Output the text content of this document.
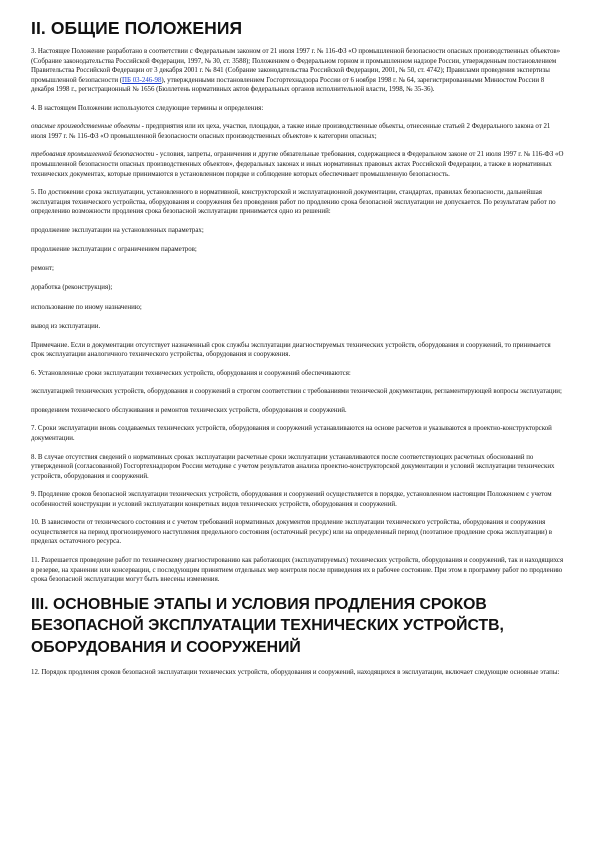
II. ОБЩИЕ ПОЛОЖЕНИЯ

3. Настоящее Положение разработано в соответствии с Федеральным законом от 21 июля 1997 г. № 116-ФЗ «О промышленной безопасности опасных производственных объектов» (Собрание законодательства Российской Федерации, 1997, № 30, ст. 3588); Положением о Федеральном горном и промышленном надзоре России, утвержденным постановлением Правительства Российской Федерации от 3 декабря 2001 г. № 841 (Собрание законодательства Российской Федерации, 2001, № 50, ст. 4742); Правилами проведения экспертизы промышленной безопасности (ПБ 03-246-98), утвержденными постановлением Госгортехнадзора России от 6 ноября 1998 г. № 64, зарегистрированными Минюстом России 8 декабря 1998 г., регистрационный № 1656 (Бюллетень нормативных актов федеральных органов исполнительной власти, 1998, № 35-36).

4. В настоящем Положении используются следующие термины и определения:

опасные производственные объекты - предприятия или их цеха, участки, площадки, а также иные производственные объекты, отнесенные статьей 2 Федерального закона от 21 июля 1997 г. № 116-ФЗ «О промышленной безопасности опасных производственных объектов» к категории опасных;

требования промышленной безопасности - условия, запреты, ограничения и другие обязательные требования, содержащиеся в Федеральном законе от 21 июля 1997 г. № 116-ФЗ «О промышленной безопасности опасных производственных объектов», федеральных законах и иных нормативных правовых актах Российской Федерации, а также в нормативных технических документах, которые принимаются в установленном порядке и соблюдение которых обеспечивает промышленную безопасность.

5. По достижении срока эксплуатации, установленного в нормативной, конструкторской и эксплуатационной документации, стандартах, правилах безопасности, дальнейшая эксплуатация технического устройства, оборудования и сооружения без проведения работ по продлению срока безопасной эксплуатации не допускается. По результатам работ по определению возможности продления срока безопасной эксплуатации принимается одно из решений:

продолжение эксплуатации на установленных параметрах;

продолжение эксплуатации с ограничением параметров;

ремонт;

доработка (реконструкция);

использование по иному назначению;

вывод из эксплуатации.

Примечание. Если в документации отсутствует назначенный срок службы эксплуатации диагностируемых технических устройств, оборудования и сооружений, то принимается срок эксплуатации аналогичного технического устройства, оборудования и сооружения.

6. Установленные сроки эксплуатации технических устройств, оборудования и сооружений обеспечиваются:

эксплуатацией технических устройств, оборудования и сооружений в строгом соответствии с требованиями технической документации, регламентирующей вопросы эксплуатации;

проведением технического обслуживания и ремонтов технических устройств, оборудования и сооружений.

7. Сроки эксплуатации вновь создаваемых технических устройств, оборудования и сооружений устанавливаются на основе расчетов и указываются в проектно-конструкторской документации.

8. В случае отсутствия сведений о нормативных сроках эксплуатации расчетные сроки эксплуатации устанавливаются после соответствующих расчетных обоснований по утвержденной (согласованной) Госгортехнадзором России методике с учетом результатов анализа проектно-конструкторской документации и условий эксплуатации технических устройств, оборудования и сооружений.

9. Продление сроков безопасной эксплуатации технических устройств, оборудования и сооружений осуществляется в порядке, установленном настоящим Положением с учетом особенностей конструкции и условий эксплуатации конкретных видов технических устройств, оборудования и сооружений.

10. В зависимости от технического состояния и с учетом требований нормативных документов продление эксплуатации технического устройства, оборудования и сооружения осуществляется на период прогнозируемого наступления предельного состояния (остаточный ресурс) или на определенный период (поэтапное продление срока эксплуатации) в пределах остаточного ресурса.

11. Разрешается проведение работ по техническому диагностированию как работающих (эксплуатируемых) технических устройств, оборудования и сооружений, так и находящихся в резерве, на хранении или консервации, с последующим принятием отдельных мер контроля после приведения их в рабочее состояние. При этом в программу работ по продлению срока безопасной эксплуатации могут быть внесены изменения.

III. ОСНОВНЫЕ ЭТАПЫ И УСЛОВИЯ ПРОДЛЕНИЯ СРОКОВ БЕЗОПАСНОЙ ЭКСПЛУАТАЦИИ ТЕХНИЧЕСКИХ УСТРОЙСТВ, ОБОРУДОВАНИЯ И СООРУЖЕНИЙ

12. Порядок продления сроков безопасной эксплуатации технических устройств, оборудования и сооружений, находящихся в эксплуатации, включает следующие основные этапы:
